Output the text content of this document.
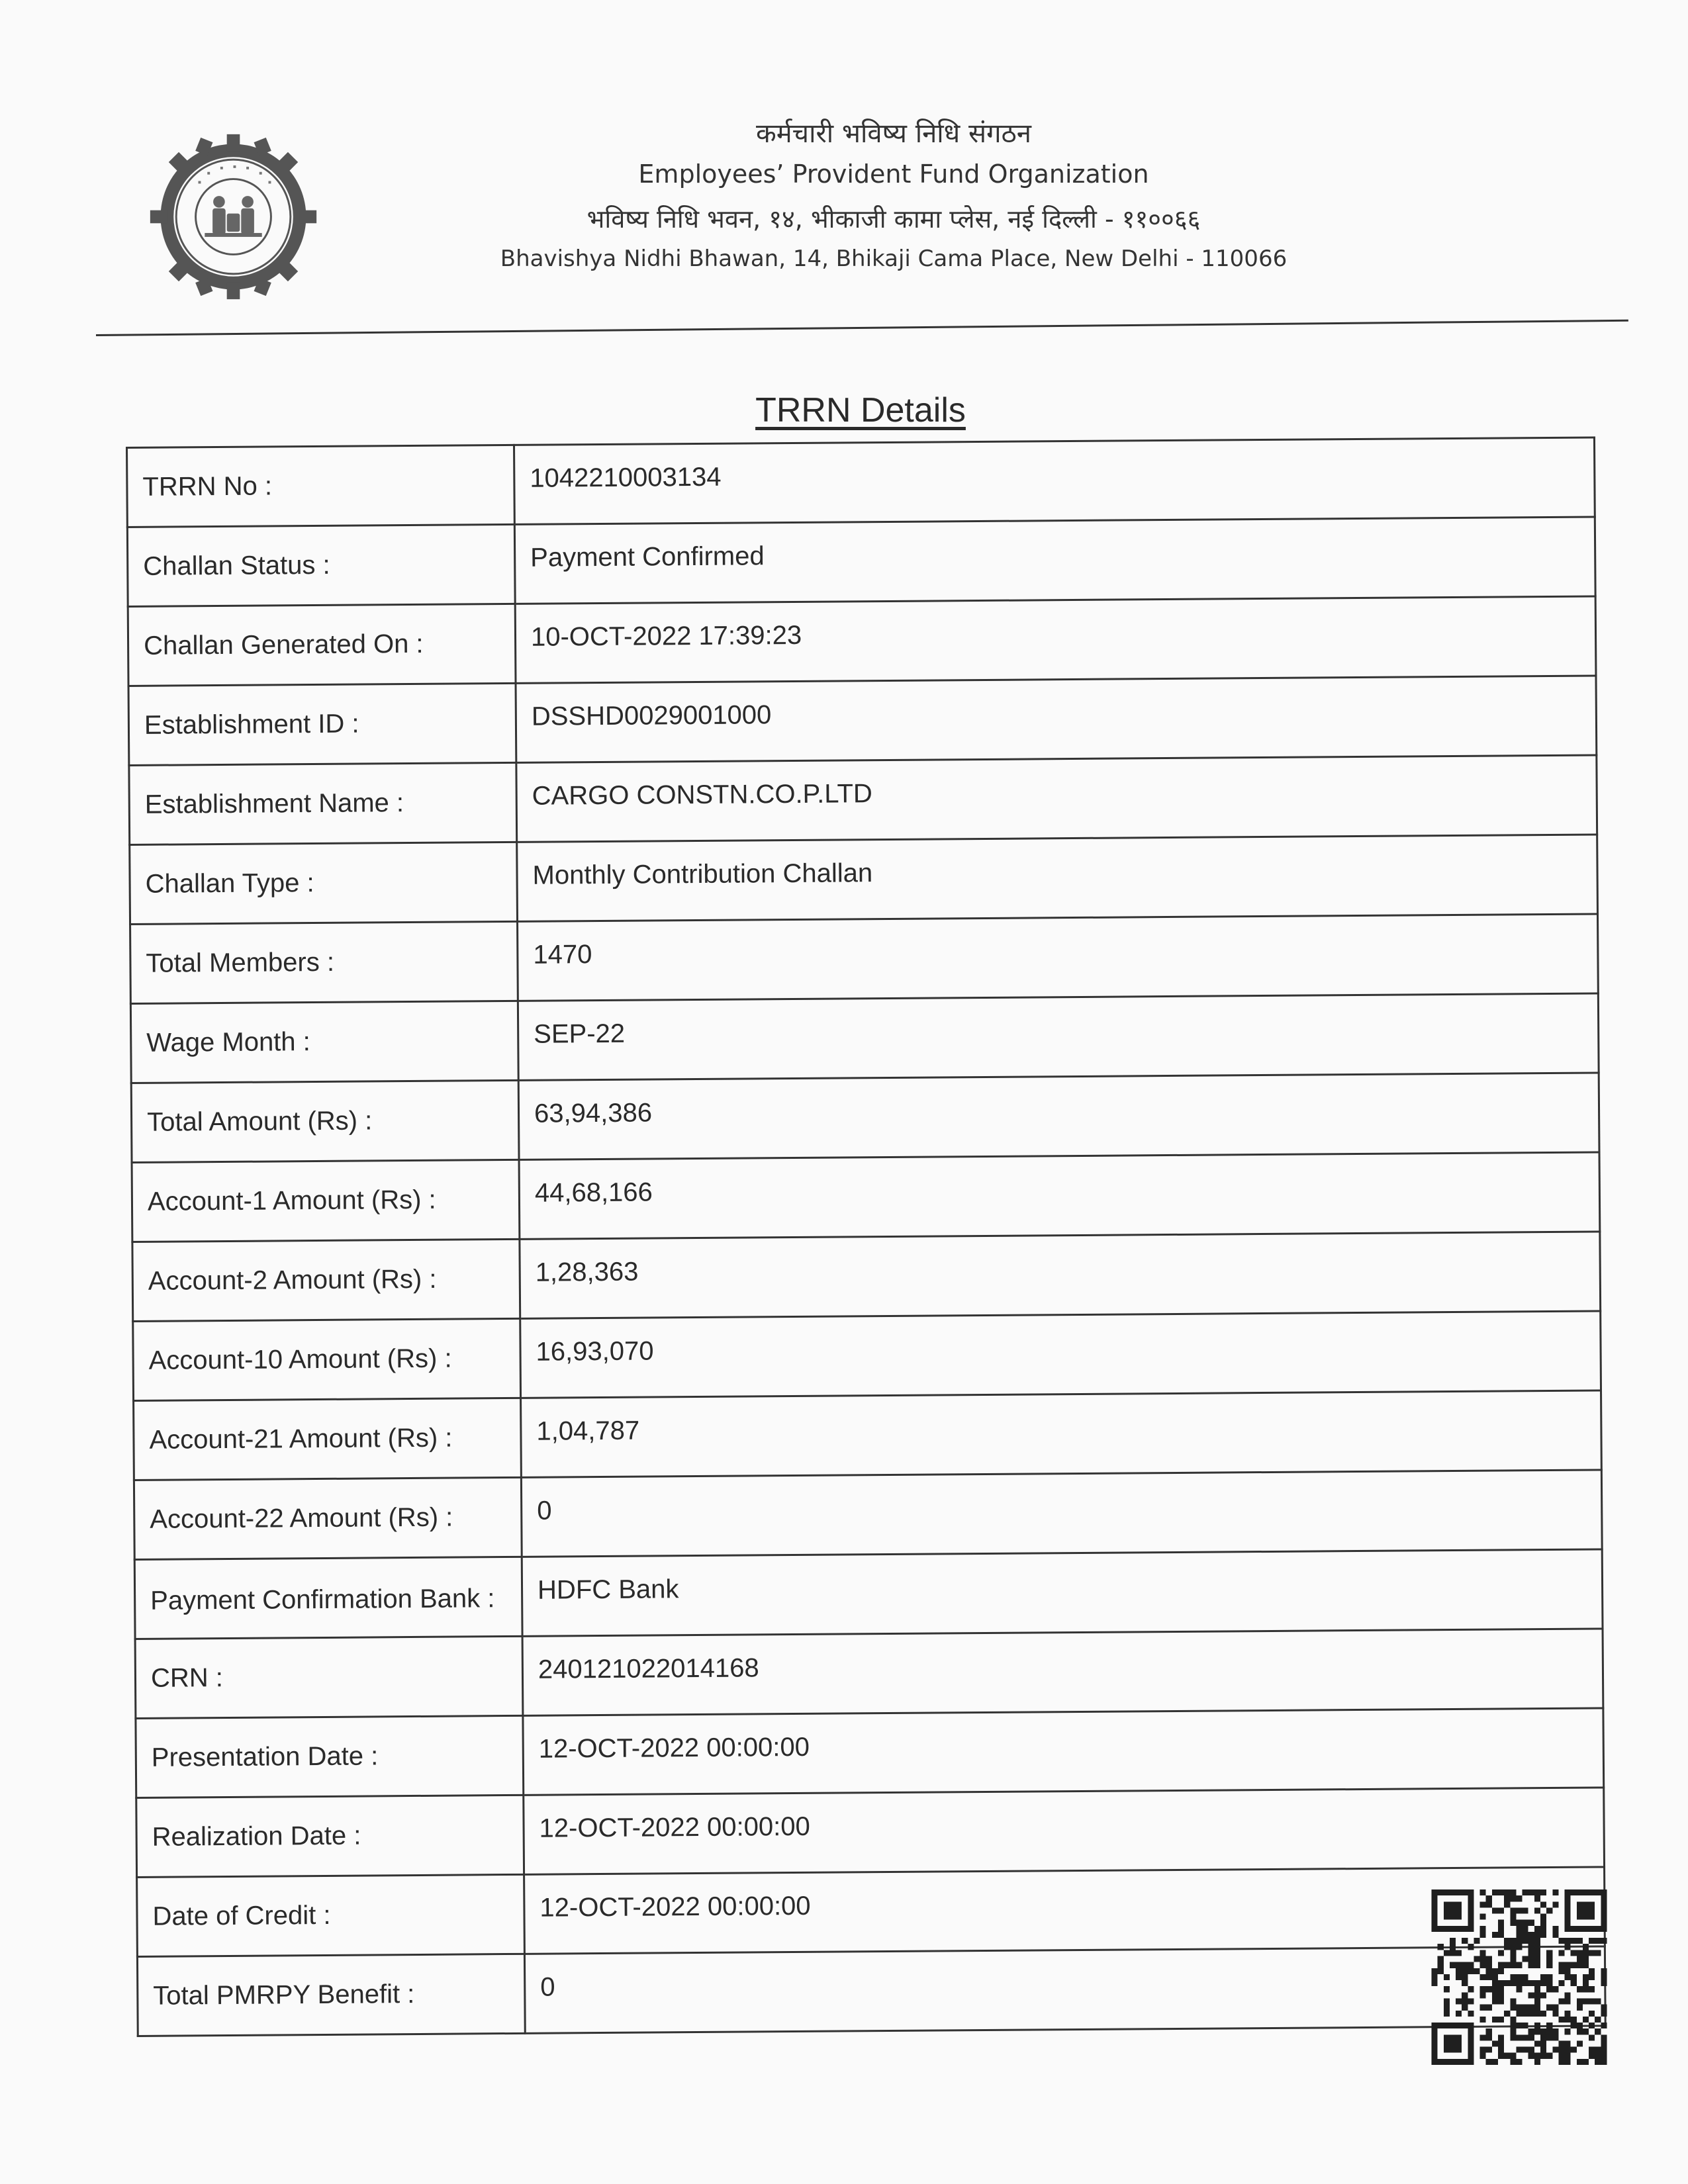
कर्मचारी भविष्य निधि संगठन
Employees’ Provident Fund Organization
भविष्य निधि भवन, १४, भीकाजी कामा प्लेस, नई दिल्ली - ११००६६
Bhavishya Nidhi Bhawan, 14, Bhikaji Cama Place, New Delhi - 110066
TRRN Details
TRRN No :	1042210003134
Challan Status :	Payment Confirmed
Challan Generated On :	10-OCT-2022 17:39:23
Establishment ID :	DSSHD0029001000
Establishment Name :	CARGO CONSTN.CO.P.LTD
Challan Type :	Monthly Contribution Challan
Total Members :	1470
Wage Month :	SEP-22
Total Amount (Rs) :	63,94,386
Account-1 Amount (Rs) :	44,68,166
Account-2 Amount (Rs) :	1,28,363
Account-10 Amount (Rs) :	16,93,070
Account-21 Amount (Rs) :	1,04,787
Account-22 Amount (Rs) :	0
Payment Confirmation Bank :	HDFC Bank
CRN :	240121022014168
Presentation Date :	12-OCT-2022 00:00:00
Realization Date :	12-OCT-2022 00:00:00
Date of Credit :	12-OCT-2022 00:00:00
Total PMRPY Benefit :	0
